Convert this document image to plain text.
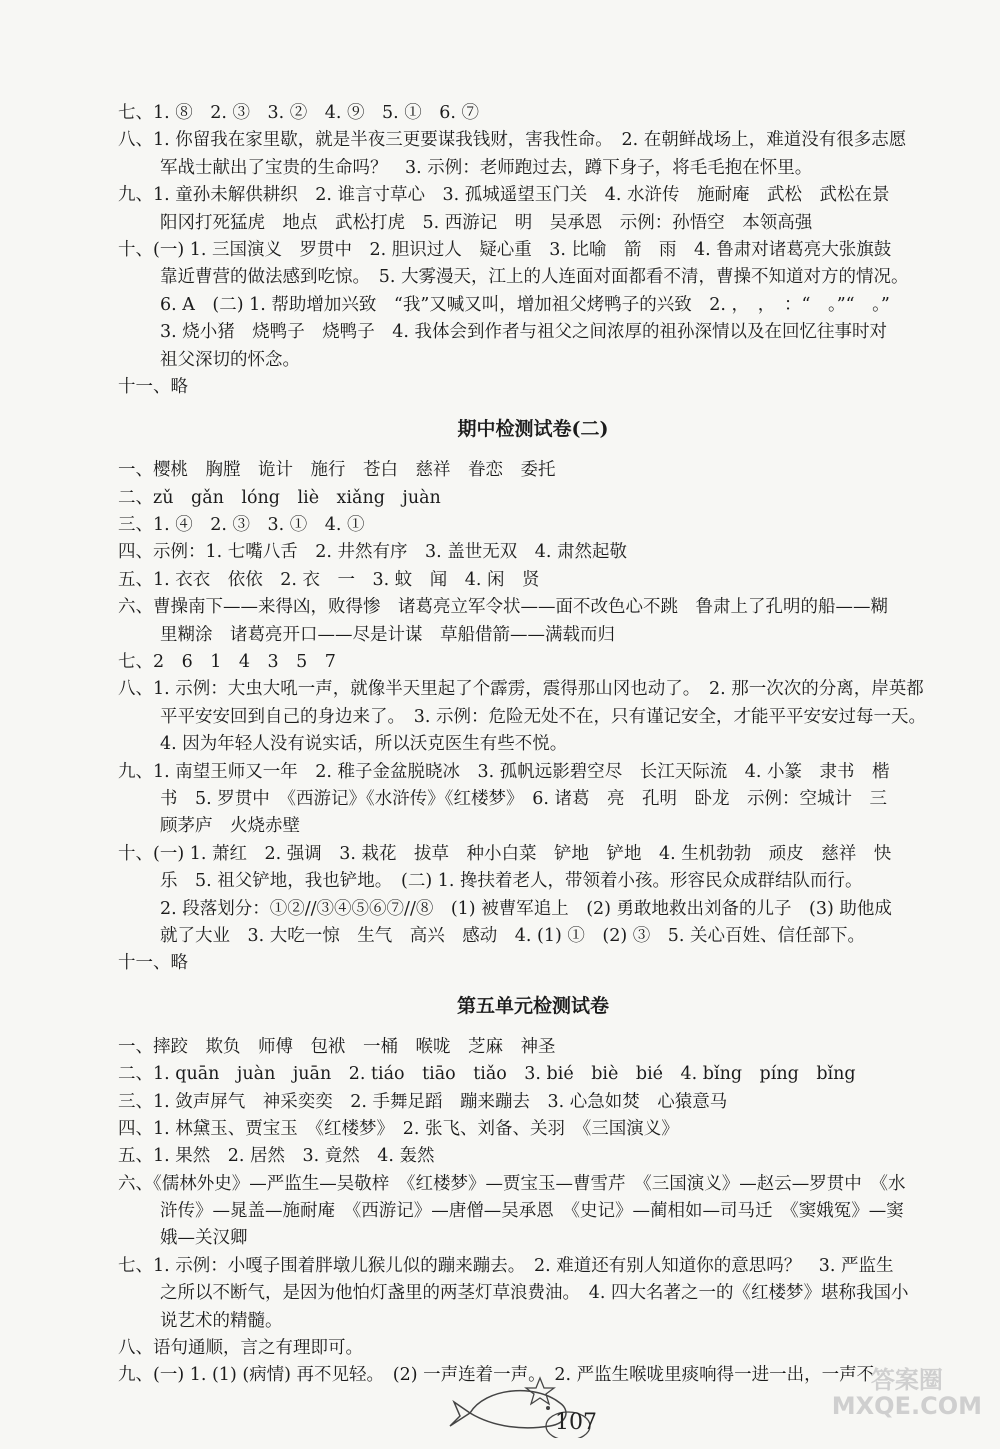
七、1. ⑧　2. ③　3. ②　4. ⑨　5. ①　6. ⑦
八、1. 你留我在家里歇，就是半夜三更要谋我钱财，害我性命。　2. 在朝鲜战场上，难道没有很多志愿
军战士献出了宝贵的生命吗？　3. 示例：老师跑过去，蹲下身子，将毛毛抱在怀里。
九、1. 童孙未解供耕织　2. 谁言寸草心　3. 孤城遥望玉门关　4. 水浒传　施耐庵　武松　武松在景
阳冈打死猛虎　地点　武松打虎　5. 西游记　明　吴承恩　示例：孙悟空　本领高强
十、(一) 1. 三国演义　罗贯中　2. 胆识过人　疑心重　3. 比喻　箭　雨　4. 鲁肃对诸葛亮大张旗鼓
靠近曹营的做法感到吃惊。　5. 大雾漫天，江上的人连面对面都看不清，曹操不知道对方的情况。
6. A　(二) 1. 帮助增加兴致　“我”又喊又叫，增加祖父烤鸭子的兴致　2. ，　，　：“　。”“　。”
3. 烧小猪　烧鸭子　烧鸭子　4. 我体会到作者与祖父之间浓厚的祖孙深情以及在回忆往事时对
祖父深切的怀念。
十一、略
期中检测试卷(二)
一、樱桃　胸膛　诡计　施行　苍白　慈祥　眷恋　委托
二、zǔ　gǎn　lóng　liè　xiǎng　juàn
三、1. ④　2. ③　3. ①　4. ①
四、示例：1. 七嘴八舌　2. 井然有序　3. 盖世无双　4. 肃然起敬
五、1. 衣衣　依依　2. 衣　一　3. 蚊　闻　4. 闲　贤
六、曹操南下——来得凶，败得惨　诸葛亮立军令状——面不改色心不跳　鲁肃上了孔明的船——糊
里糊涂　诸葛亮开口——尽是计谋　草船借箭——满载而归
七、2　6　1　4　3　5　7
八、1. 示例：大虫大吼一声，就像半天里起了个霹雳，震得那山冈也动了。　2. 那一次次的分离，岸英都
平平安安回到自己的身边来了。　3. 示例：危险无处不在，只有谨记安全，才能平平安安过每一天。
4. 因为年轻人没有说实话，所以沃克医生有些不悦。
九、1. 南望王师又一年　2. 稚子金盆脱晓冰　3. 孤帆远影碧空尽　长江天际流　4. 小篆　隶书　楷
书　5. 罗贯中　《西游记》《水浒传》《红楼梦》　6. 诸葛　亮　孔明　卧龙　示例：空城计　三
顾茅庐　火烧赤壁
十、(一) 1. 萧红　2. 强调　3. 栽花　拔草　种小白菜　铲地　铲地　4. 生机勃勃　顽皮　慈祥　快
乐　5. 祖父铲地，我也铲地。　(二) 1. 搀扶着老人，带领着小孩。形容民众成群结队而行。
2. 段落划分：①②//③④⑤⑥⑦//⑧　(1) 被曹军追上　(2) 勇敢地救出刘备的儿子　(3) 助他成
就了大业　3. 大吃一惊　生气　高兴　感动　4. (1) ①　(2) ③　5. 关心百姓、信任部下。
十一、略
第五单元检测试卷
一、摔跤　欺负　师傅　包袱　一桶　喉咙　芝麻　神圣
二、1. quān　juàn　juān　2. tiáo　tiāo　tiǎo　3. bié　biè　bié　4. bǐng　píng　bǐng
三、1. 敛声屏气　神采奕奕　2. 手舞足蹈　蹦来蹦去　3. 心急如焚　心猿意马
四、1. 林黛玉、贾宝玉　《红楼梦》　2. 张飞、刘备、关羽　《三国演义》
五、1. 果然　2. 居然　3. 竟然　4. 轰然
六、《儒林外史》—严监生—吴敬梓　《红楼梦》—贾宝玉—曹雪芹　《三国演义》—赵云—罗贯中　《水
浒传》—晁盖—施耐庵　《西游记》—唐僧—吴承恩　《史记》—蔺相如—司马迁　《窦娥冤》—窦
娥—关汉卿
七、1. 示例：小嘎子围着胖墩儿猴儿似的蹦来蹦去。　2. 难道还有别人知道你的意思吗？　3. 严监生
之所以不断气，是因为他怕灯盏里的两茎灯草浪费油。　4. 四大名著之一的《红楼梦》堪称我国小
说艺术的精髓。
八、语句通顺，言之有理即可。
九、(一) 1. (1) (病情) 再不见轻。　(2) 一声连着一声。　2. 严监生喉咙里痰响得一进一出，一声不
107
答案圈
MXQE.COM
